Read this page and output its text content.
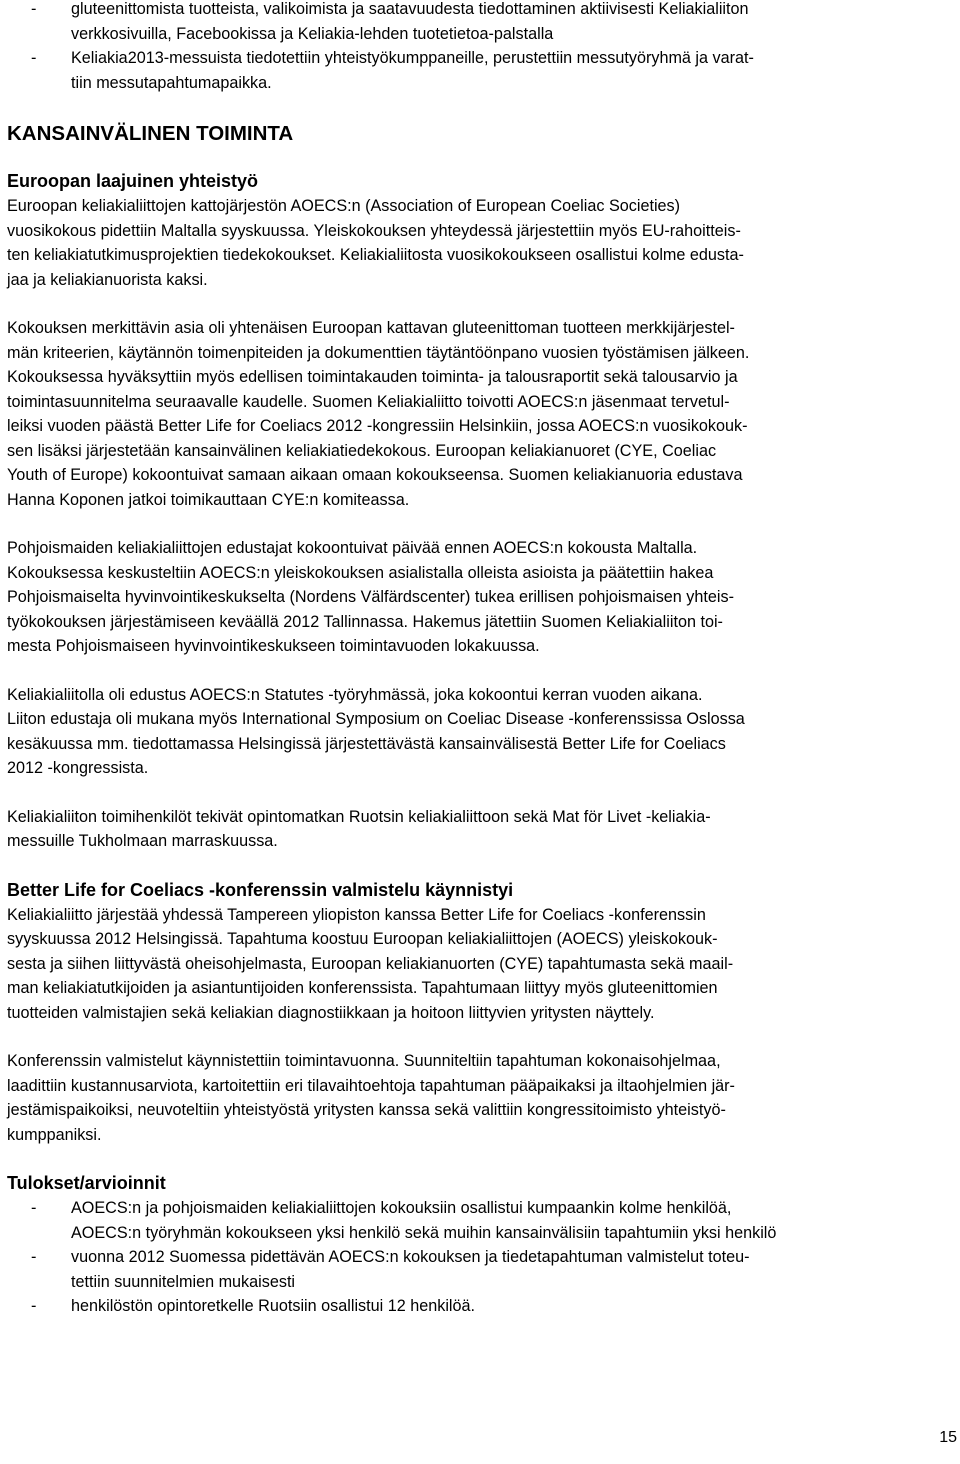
- gluteenittomista tuotteista, valikoimista ja saatavuudesta tiedottaminen aktiivisesti Keliakialiiton
verkkosivuilla, Facebookissa ja Keliakia-lehden tuotetietoa-palstalla
- Keliakia2013-messuista tiedotettiin yhteistyökumppaneille, perustettiin messutyöryhmä ja varat-
tiin messutapahtumapaikka.
KANSAINVÄLINEN TOIMINTA
Euroopan laajuinen yhteistyö
Euroopan keliakialiittojen kattojärjestön AOECS:n (Association of European Coeliac Societies)
vuosikokous pidettiin Maltalla syyskuussa. Yleiskokouksen yhteydessä järjestettiin myös EU-rahoitteis-
ten keliakiatutkimusprojektien tiedekokoukset. Keliakialiitosta vuosikokoukseen osallistui kolme edusta-
jaa ja keliakianuorista kaksi.
Kokouksen merkittävin asia oli yhtenäisen Euroopan kattavan gluteenittoman tuotteen merkkijärjestel-
män kriteerien, käytännön toimenpiteiden ja dokumenttien täytäntöönpano vuosien työstämisen jälkeen.
Kokouksessa hyväksyttiin myös edellisen toimintakauden toiminta- ja talousraportit sekä talousarvio ja
toimintasuunnitelma seuraavalle kaudelle. Suomen Keliakialiitto toivotti AOECS:n jäsenmaat tervetul-
leiksi vuoden päästä Better Life for Coeliacs 2012 -kongressiin Helsinkiin, jossa AOECS:n vuosikokouk-
sen lisäksi järjestetään kansainvälinen keliakiatiedekokous. Euroopan keliakianuoret (CYE, Coeliac
Youth of Europe) kokoontuivat samaan aikaan omaan kokoukseensa. Suomen keliakianuoria edustava
Hanna Koponen jatkoi toimikauttaan CYE:n komiteassa.
Pohjoismaiden keliakialiittojen edustajat kokoontuivat päivää ennen AOECS:n kokousta Maltalla.
Kokouksessa keskusteltiin AOECS:n yleiskokouksen asialistalla olleista asioista ja päätettiin hakea
Pohjoismaiselta hyvinvointikeskukselta (Nordens Välfärdscenter) tukea erillisen pohjoismaisen yhteis-
työkokouksen järjestämiseen keväällä 2012 Tallinnassa. Hakemus jätettiin Suomen Keliakialiiton toi-
mesta Pohjoismaiseen hyvinvointikeskukseen toimintavuoden lokakuussa.
Keliakialiitolla oli edustus AOECS:n Statutes -työryhmässä, joka kokoontui kerran vuoden aikana.
Liiton edustaja oli mukana myös International Symposium on Coeliac Disease -konferenssissa Oslossa
kesäkuussa mm. tiedottamassa Helsingissä järjestettävästä kansainvälisestä Better Life for Coeliacs
2012 -kongressista.
Keliakialiiton toimihenkilöt tekivät opintomatkan Ruotsin keliakialiittoon sekä Mat för Livet -keliakia-
messuille Tukholmaan marraskuussa.
Better Life for Coeliacs -konferenssin valmistelu käynnistyi
Keliakialiitto järjestää yhdessä Tampereen yliopiston kanssa Better Life for Coeliacs -konferenssin
syyskuussa 2012 Helsingissä. Tapahtuma koostuu Euroopan keliakialiittojen (AOECS) yleiskokouk-
sesta ja siihen liittyvästä oheisohjelmasta, Euroopan keliakianuorten (CYE) tapahtumasta sekä maail-
man keliakiatutkijoiden ja asiantuntijoiden konferenssista. Tapahtumaan liittyy myös gluteenittomien
tuotteiden valmistajien sekä keliakian diagnostiikkaan ja hoitoon liittyvien yritysten näyttely.
Konferenssin valmistelut käynnistettiin toimintavuonna. Suunniteltiin tapahtuman kokonaisohjelmaa,
laadittiin kustannusarviota, kartoitettiin eri tilavaihtoehtoja tapahtuman pääpaikaksi ja iltaohjelmien jär-
jestämispaikoiksi, neuvoteltiin yhteistyöstä yritysten kanssa sekä valittiin kongressitoimisto yhteistyö-
kumppaniksi.
Tulokset/arvioinnit
- AOECS:n ja pohjoismaiden keliakialiittojen kokouksiin osallistui kumpaankin kolme henkilöä,
AOECS:n työryhmän kokoukseen yksi henkilö sekä muihin kansainvälisiin tapahtumiin yksi henkilö
- vuonna 2012 Suomessa pidettävän AOECS:n kokouksen ja tiedetapahtuman valmistelut toteu-
tettiin suunnitelmien mukaisesti
- henkilöstön opintoretkelle Ruotsiin osallistui 12 henkilöä.
15
